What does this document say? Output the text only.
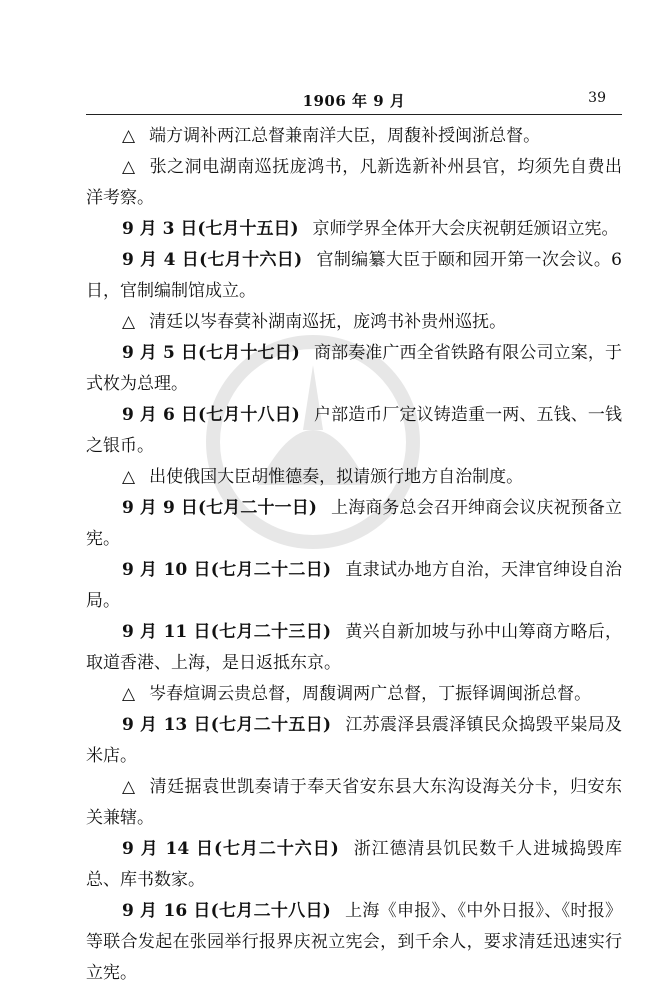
1906 年 9 月	39

△ 端方调补两江总督兼南洋大臣，周馥补授闽浙总督。

△ 张之洞电湖南巡抚庞鸿书，凡新选新补州县官，均须先自费出洋考察。

9 月 3 日(七月十五日) 京师学界全体开大会庆祝朝廷颁诏立宪。

9 月 4 日(七月十六日) 官制编纂大臣于颐和园开第一次会议。6 日，官制编制馆成立。

△ 清廷以岑春蓂补湖南巡抚，庞鸿书补贵州巡抚。

9 月 5 日(七月十七日) 商部奏准广西全省铁路有限公司立案，于式枚为总理。

9 月 6 日(七月十八日) 户部造币厂定议铸造重一两、五钱、一钱之银币。

△ 出使俄国大臣胡惟德奏，拟请颁行地方自治制度。

9 月 9 日(七月二十一日) 上海商务总会召开绅商会议庆祝预备立宪。

9 月 10 日(七月二十二日) 直隶试办地方自治，天津官绅设自治局。

9 月 11 日(七月二十三日) 黄兴自新加坡与孙中山筹商方略后，取道香港、上海，是日返抵东京。

△ 岑春煊调云贵总督，周馥调两广总督，丁振铎调闽浙总督。

9 月 13 日(七月二十五日) 江苏震泽县震泽镇民众捣毁平粜局及米店。

△ 清廷据袁世凯奏请于奉天省安东县大东沟设海关分卡，归安东关兼辖。

9 月 14 日(七月二十六日) 浙江德清县饥民数千人进城捣毁库总、库书数家。

9 月 16 日(七月二十八日) 上海《申报》、《中外日报》、《时报》等联合发起在张园举行报界庆祝立宪会，到千余人，要求清廷迅速实行立宪。
